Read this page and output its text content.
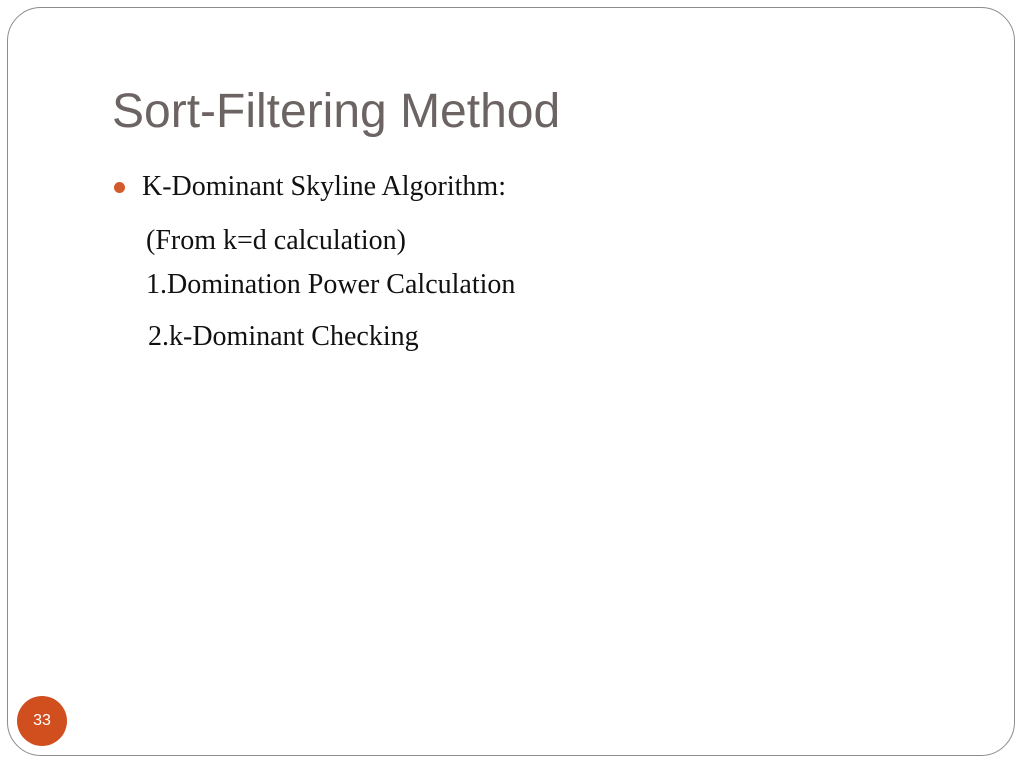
Sort-Filtering Method
K-Dominant Skyline Algorithm:
(From k=d calculation)
1.Domination Power Calculation
2.k-Dominant Checking
33
